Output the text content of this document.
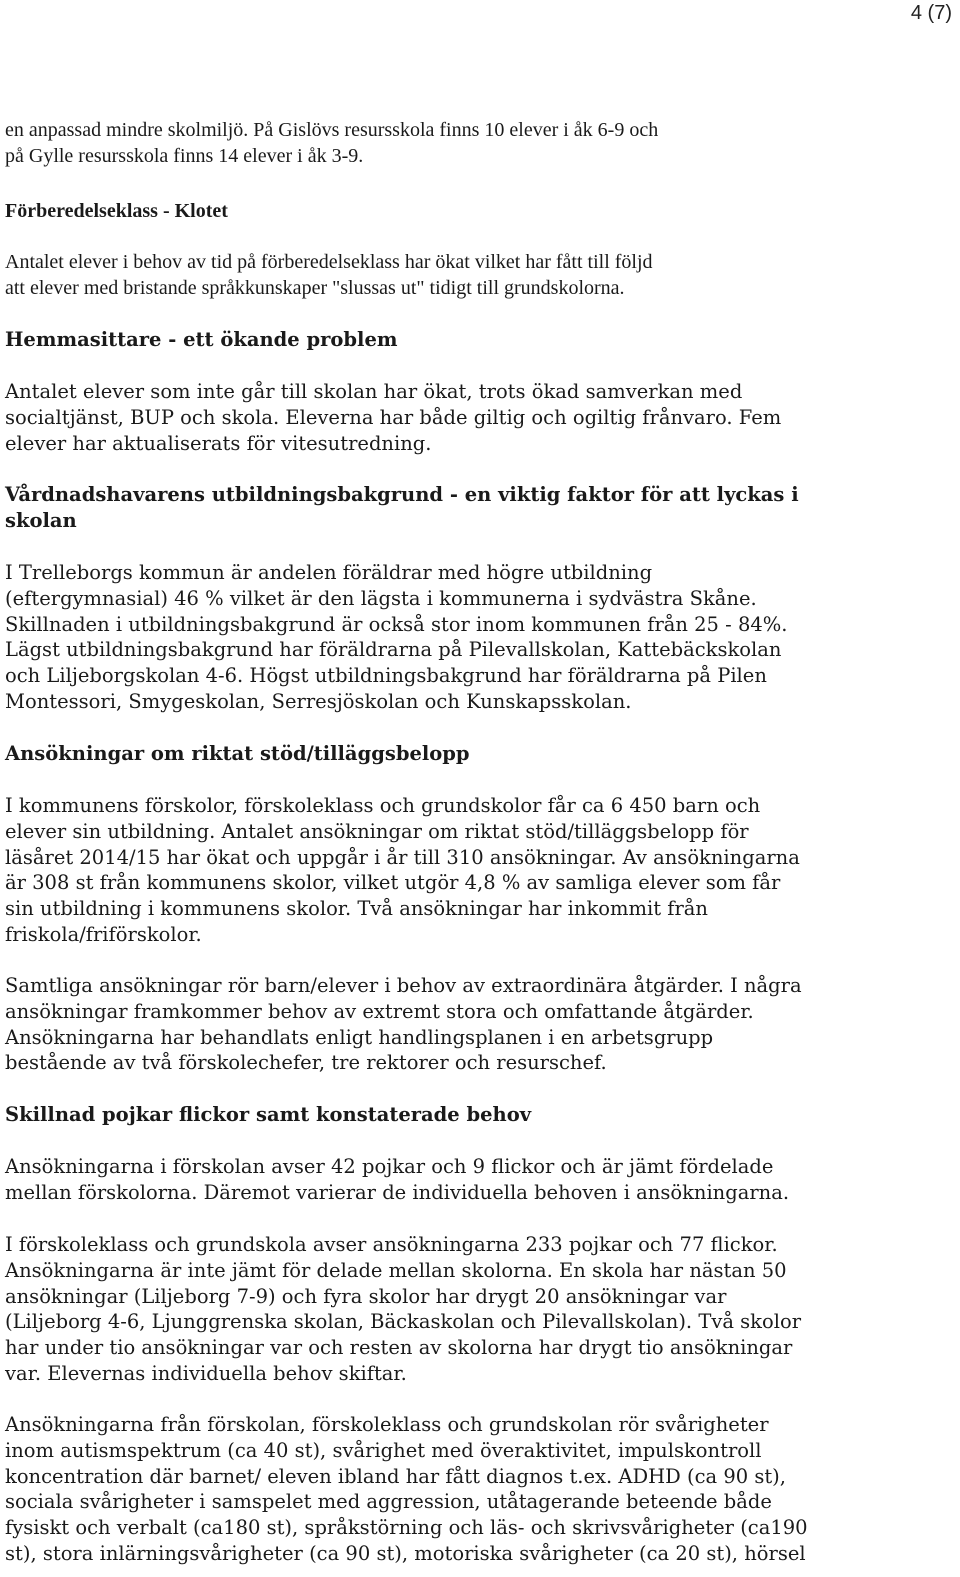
4 (7)
en anpassad mindre skolmiljö. På Gislövs resursskola finns 10 elever i åk 6-9 och
på Gylle resursskola finns 14 elever i åk 3-9.
Förberedelseklass - Klotet
Antalet elever i behov av tid på förberedelseklass har ökat vilket har fått till följd
att elever med bristande språkkunskaper "slussas ut" tidigt till grundskolorna.
Hemmasittare - ett ökande problem
Antalet elever som inte går till skolan har ökat, trots ökad samverkan med
socialtjänst, BUP och skola. Eleverna har både giltig och ogiltig frånvaro. Fem
elever har aktualiserats för vitesutredning.
Vårdnadshavarens utbildningsbakgrund - en viktig faktor för att lyckas i
skolan
I Trelleborgs kommun är andelen föräldrar med högre utbildning
(eftergymnasial) 46 % vilket är den lägsta i kommunerna i sydvästra Skåne.
Skillnaden i utbildningsbakgrund är också stor inom kommunen från 25 - 84%.
Lägst utbildningsbakgrund har föräldrarna på Pilevallskolan, Kattebäckskolan
och Liljeborgskolan 4-6. Högst utbildningsbakgrund har föräldrarna på Pilen
Montessori, Smygeskolan, Serresjöskolan och Kunskapsskolan.
Ansökningar om riktat stöd/tilläggsbelopp
I kommunens förskolor, förskoleklass och grundskolor får ca 6 450 barn och
elever sin utbildning. Antalet ansökningar om riktat stöd/tilläggsbelopp för
läsåret 2014/15 har ökat och uppgår i år till 310 ansökningar. Av ansökningarna
är 308 st från kommunens skolor, vilket utgör 4,8 % av samliga elever som får
sin utbildning i kommunens skolor. Två ansökningar har inkommit från
friskola/friförskolor.
Samtliga ansökningar rör barn/elever i behov av extraordinära åtgärder. I några
ansökningar framkommer behov av extremt stora och omfattande åtgärder.
Ansökningarna har behandlats enligt handlingsplanen i en arbetsgrupp
bestående av två förskolechefer, tre rektorer och resurschef.
Skillnad pojkar flickor samt konstaterade behov
Ansökningarna i förskolan avser 42 pojkar och 9 flickor och är jämt fördelade
mellan förskolorna. Däremot varierar de individuella behoven i ansökningarna.
I förskoleklass och grundskola avser ansökningarna 233 pojkar och 77 flickor.
Ansökningarna är inte jämt för delade mellan skolorna. En skola har nästan 50
ansökningar (Liljeborg 7-9) och fyra skolor har drygt 20 ansökningar var
(Liljeborg 4-6, Ljunggrenska skolan, Bäckaskolan och Pilevallskolan). Två skolor
har under tio ansökningar var och resten av skolorna har drygt tio ansökningar
var. Elevernas individuella behov skiftar.
Ansökningarna från förskolan, förskoleklass och grundskolan rör svårigheter
inom autismspektrum (ca 40 st), svårighet med överaktivitet, impulskontroll
koncentration där barnet/ eleven ibland har fått diagnos t.ex. ADHD (ca 90 st),
sociala svårigheter i samspelet med aggression, utåtagerande beteende både
fysiskt och verbalt (ca180 st), språkstörning och läs- och skrivsvårigheter (ca190
st), stora inlärningsvårigheter (ca 90 st), motoriska svårigheter (ca 20 st), hörsel
